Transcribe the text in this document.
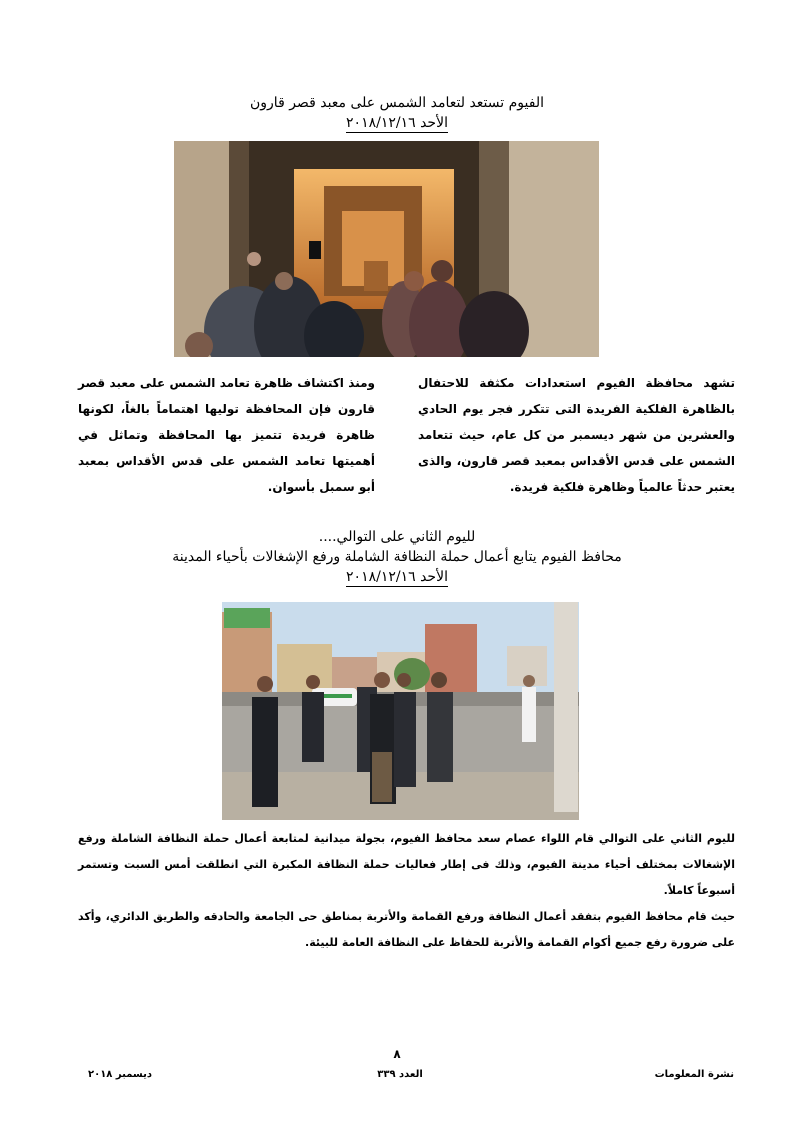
الفيوم تستعد لتعامد الشمس على معبد قصر قارون
الأحد ٢٠١٨/١٢/١٦
تشهد محافظة الفيوم استعدادات مكثفة للاحتفال بالظاهرة الفلكية الفريدة التى تتكرر فجر يوم الحادي والعشرين من شهر ديسمبر من كل عام، حيث تتعامد الشمس على قدس الأقداس بمعبد قصر قارون، والذى يعتبر حدثاً عالمياً وظاهرة فلكية فريدة.
ومنذ اكتشاف ظاهرة تعامد الشمس على معبد قصر قارون فإن المحافظة توليها اهتماماً بالغاً، لكونها ظاهرة فريدة تتميز بها المحافظة وتماثل في أهميتها تعامد الشمس على قدس الأقداس بمعبد أبو سمبل بأسوان.
لليوم الثاني على التوالي....
محافظ الفيوم يتابع أعمال حملة النظافة الشاملة ورفع الإشغالات بأحياء المدينة
الأحد ٢٠١٨/١٢/١٦

لليوم الثاني على التوالي قام اللواء عصام سعد محافظ الفيوم، بجولة ميدانية لمتابعة أعمال حملة النظافة الشاملة ورفع الإشغالات بمختلف أحياء مدينة الفيوم، وذلك فى إطار فعاليات حملة النظافة المكبرة التي انطلقت أمس السبت وتستمر أسبوعاً كاملاً.

حيث قام محافظ الفيوم بتفقد أعمال النظافة ورفع القمامة والأتربة بمناطق حى الجامعة والحادقه والطريق الدائري، وأكد على ضرورة رفع جميع أكوام القمامة والأتربة للحفاظ على النظافة العامة للبيئة.

٨
نشرة المعلومات
العدد ٣٣٩
ديسمبر ٢٠١٨
